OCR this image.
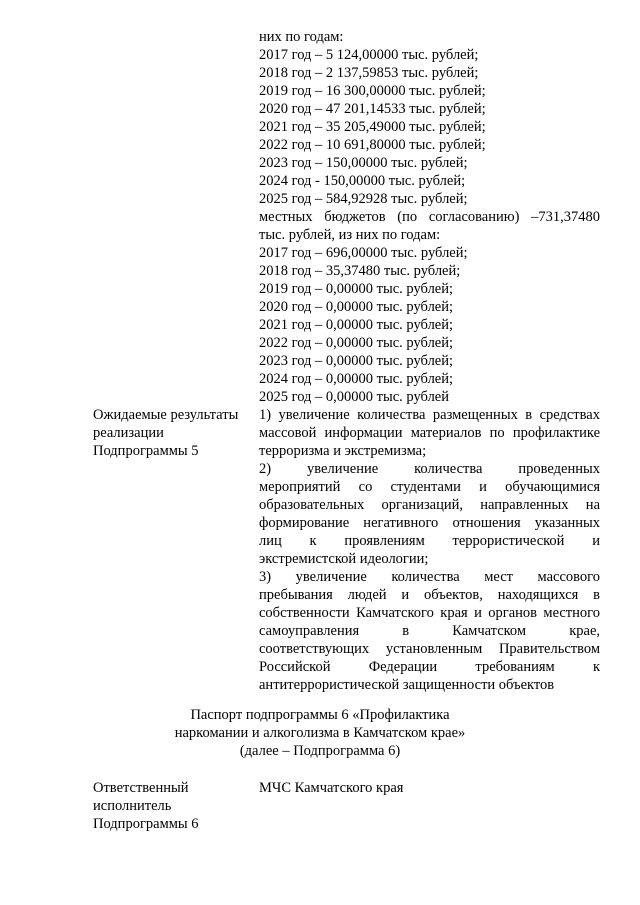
них по годам:
2017 год – 5 124,00000 тыс. рублей;
2018 год – 2 137,59853 тыс. рублей;
2019 год – 16 300,00000 тыс. рублей;
2020 год – 47 201,14533 тыс. рублей;
2021 год – 35 205,49000 тыс. рублей;
2022 год – 10 691,80000 тыс. рублей;
2023 год – 150,00000 тыс. рублей;
2024 год - 150,00000 тыс. рублей;
2025 год – 584,92928 тыс. рублей;
местных бюджетов (по согласованию) –731,37480
тыс. рублей, из них по годам:
2017 год – 696,00000 тыс. рублей;
2018 год – 35,37480 тыс. рублей;
2019 год – 0,00000 тыс. рублей;
2020 год – 0,00000 тыс. рублей;
2021 год – 0,00000 тыс. рублей;
2022 год – 0,00000 тыс. рублей;
2023 год – 0,00000 тыс. рублей;
2024 год – 0,00000 тыс. рублей;
2025 год – 0,00000 тыс. рублей
Ожидаемые результаты
реализации
Подпрограммы 5
1) увеличение количества размещенных в средствах
массовой информации материалов по профилактике
терроризма и экстремизма;
2) увеличение количества проведенных
мероприятий со студентами и обучающимися
образовательных организаций, направленных на
формирование негативного отношения указанных
лиц к проявлениям террористической и
экстремистской идеологии;
3) увеличение количества мест массового
пребывания людей и объектов, находящихся в
собственности Камчатского края и органов местного
самоуправления в Камчатском крае,
соответствующих установленным Правительством
Российской Федерации требованиям к
антитеррористической защищенности объектов
Паспорт подпрограммы 6 «Профилактика
наркомании и алкоголизма в Камчатском крае»
(далее – Подпрограмма 6)
Ответственный
исполнитель
Подпрограммы 6
МЧС Камчатского края
